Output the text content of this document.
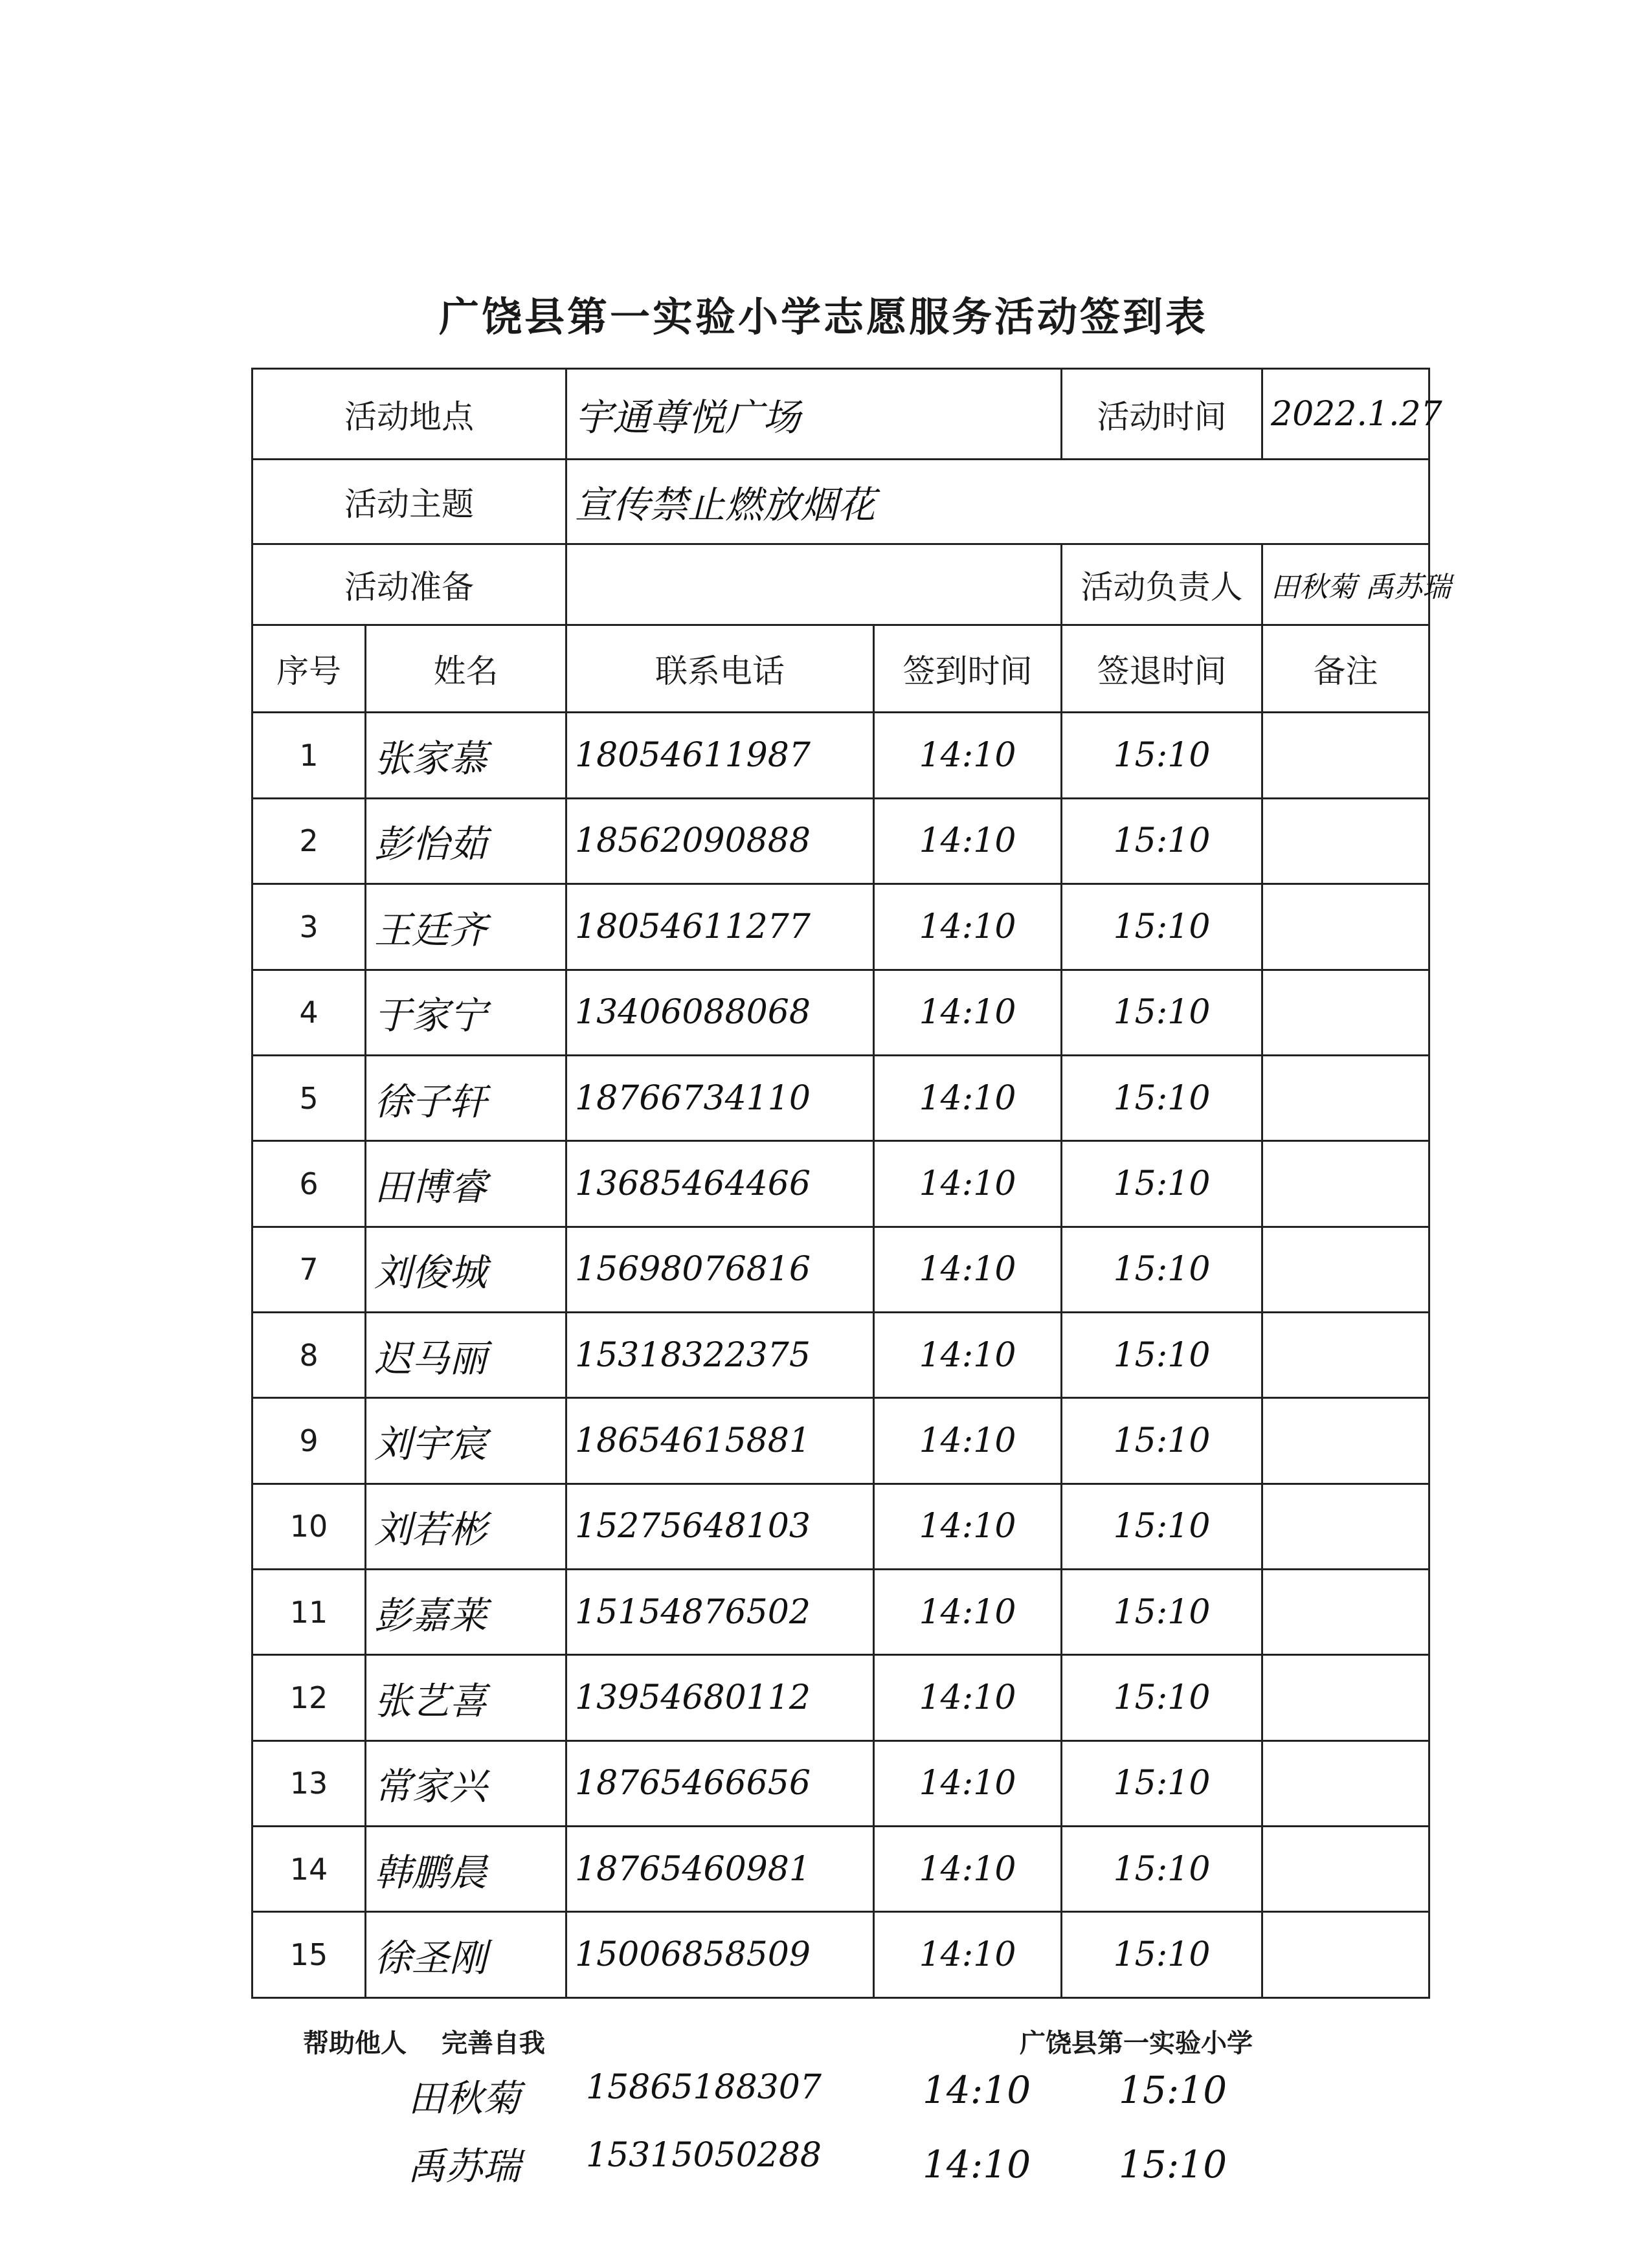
广饶县第一实验小学志愿服务活动签到表
活动地点		宇通尊悦广场		活动时间	2022.1.27
活动主题		宣传禁止燃放烟花			
活动准备				活动负责人	田秋菊 禹苏瑞
序号	姓名	联系电话	签到时间	签退时间	备注
1	张家慕	18054611987	14:10	15:10	
2	彭怡茹	18562090888	14:10	15:10	
3	王廷齐	18054611277	14:10	15:10	
4	于家宁	13406088068	14:10	15:10	
5	徐子轩	18766734110	14:10	15:10	
6	田博睿	13685464466	14:10	15:10	
7	刘俊城	15698076816	14:10	15:10	
8	迟马丽	15318322375	14:10	15:10	
9	刘宇宸	18654615881	14:10	15:10	
10	刘若彬	15275648103	14:10	15:10	
11	彭嘉莱	15154876502	14:10	15:10	
12	张艺喜	13954680112	14:10	15:10	
13	常家兴	18765466656	14:10	15:10	
14	韩鹏晨	18765460981	14:10	15:10	
15	徐圣刚	15006858509	14:10	15:10	
帮助他人 完善自我	广饶县第一实验小学
田秋菊 15865188307	14:10 15:10
禹苏瑞 15315050288	14:10 15:10
